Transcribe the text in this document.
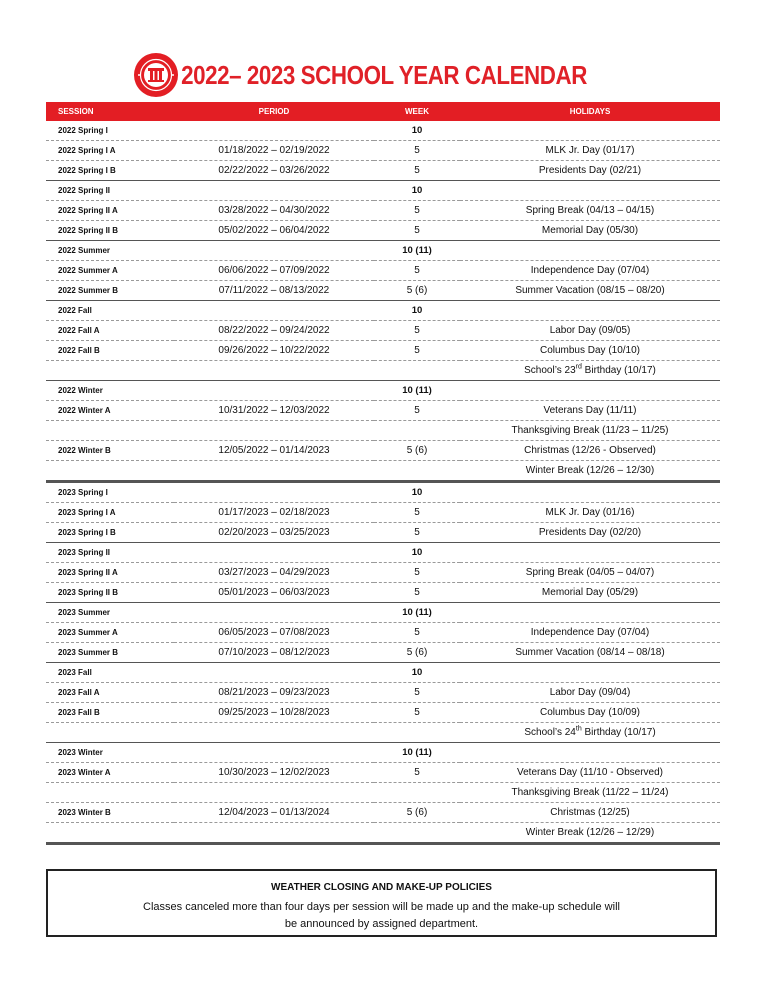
2022– 2023 SCHOOL YEAR CALENDAR
SESSION	PERIOD	WEEK	HOLIDAYS
2022 Spring I		10	
2022 Spring I A	01/18/2022 – 02/19/2022	5	MLK Jr. Day (01/17)
2022 Spring I B	02/22/2022 – 03/26/2022	5	Presidents Day (02/21)
2022 Spring II		10	
2022 Spring II A	03/28/2022 – 04/30/2022	5	Spring Break (04/13 – 04/15)
2022 Spring II B	05/02/2022 – 06/04/2022	5	Memorial Day (05/30)
2022 Summer		10 (11)	
2022 Summer A	06/06/2022 – 07/09/2022	5	Independence Day (07/04)
2022 Summer B	07/11/2022 – 08/13/2022	5 (6)	Summer Vacation (08/15 – 08/20)
2022 Fall		10	
2022 Fall A	08/22/2022 – 09/24/2022	5	Labor Day (09/05)
2022 Fall B	09/26/2022 – 10/22/2022	5	Columbus Day (10/10)
			School’s 23rd Birthday (10/17)
2022 Winter		10 (11)	
2022 Winter A	10/31/2022 – 12/03/2022	5	Veterans Day (11/11)
			Thanksgiving Break (11/23 – 11/25)
2022 Winter B	12/05/2022 – 01/14/2023	5 (6)	Christmas (12/26 - Observed)
			Winter Break (12/26 – 12/30)
2023 Spring I		10	
2023 Spring I A	01/17/2023 – 02/18/2023	5	MLK Jr. Day (01/16)
2023 Spring I B	02/20/2023 – 03/25/2023	5	Presidents Day (02/20)
2023 Spring II		10	
2023 Spring II A	03/27/2023 – 04/29/2023	5	Spring Break (04/05 – 04/07)
2023 Spring II B	05/01/2023 – 06/03/2023	5	Memorial Day (05/29)
2023 Summer		10 (11)	
2023 Summer A	06/05/2023 – 07/08/2023	5	Independence Day (07/04)
2023 Summer B	07/10/2023 – 08/12/2023	5 (6)	Summer Vacation (08/14 – 08/18)
2023 Fall		10	
2023 Fall A	08/21/2023 – 09/23/2023	5	Labor Day (09/04)
2023 Fall B	09/25/2023 – 10/28/2023	5	Columbus Day (10/09)
			School’s 24th Birthday (10/17)
2023 Winter		10 (11)	
2023 Winter A	10/30/2023 – 12/02/2023	5	Veterans Day (11/10 - Observed)
			Thanksgiving Break (11/22 – 11/24)
2023 Winter B	12/04/2023 – 01/13/2024	5 (6)	Christmas (12/25)
			Winter Break (12/26 – 12/29)
WEATHER CLOSING AND MAKE-UP POLICIES
Classes canceled more than four days per session will be made up and the make-up schedule will
be announced by assigned department.
